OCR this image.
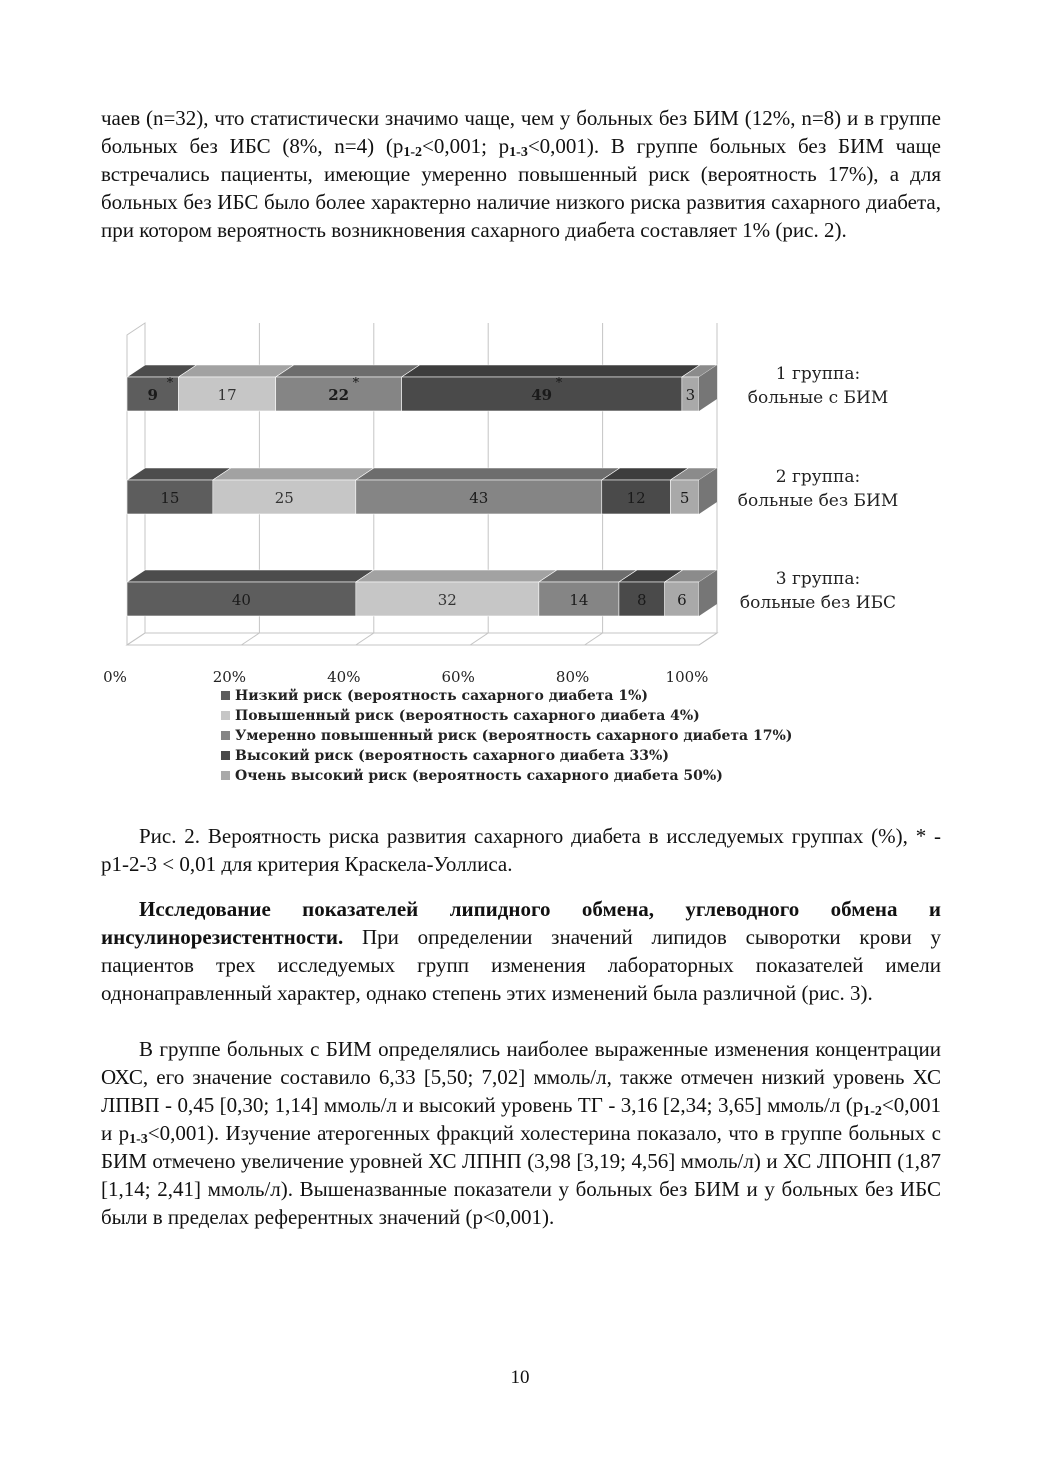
чаев (n=32), что статистически значимо чаще, чем у больных без БИМ (12%, n=8) и в группе больных без ИБС (8%, n=4) ($p_{1-2}<0,001$; $p_{1-3}<0,001$). В группе больных без БИМ чаще встречались пациенты, имеющие умеренно повышенный риск (вероятность 17%), а для больных без ИБС было более характерно наличие низкого риска развития сахарного диабета, при котором вероятность возникновения сахарного диабета составляет 1% (рис. 2).

9
*
17	22
*
49
*
3
15	25	43	12 5
40	32	14	8 6
1 группа:
больные с БИМ
2 группа:
больные без БИМ
3 группа:
больные без ИБС
0%	20%	40%	60%	80%	100%
Низкий риск (вероятность сахарного диабета 1%)
Повышенный риск (вероятность сахарного диабета 4%)
Умеренно повышенный риск (вероятность сахарного диабета 17%)
Высокий риск (вероятность сахарного диабета 33%)
Очень высокий риск (вероятность сахарного диабета 50%)

Рис. 2. Вероятность риска развития сахарного диабета в исследуемых группах (%), * - p1-2-3 < 0,01 для критерия Краскела-Уоллиса.

Исследование показателей липидного обмена, углеводного обмена и инсулинорезистентности. При определении значений липидов сыворотки крови у пациентов трех исследуемых групп изменения лабораторных показателей имели однонаправленный характер, однако степень этих изменений была различной (рис. 3).

В группе больных с БИМ определялись наиболее выраженные изменения концентрации ОХС, его значение составило 6,33 [5,50; 7,02] ммоль/л, также отмечен низкий уровень ХС ЛПВП - 0,45 [0,30; 1,14] ммоль/л и высокий уровень ТГ - 3,16 [2,34; 3,65] ммоль/л ($p_{1-2}<0,001$ и $p_{1-3}<0,001$). Изучение атерогенных фракций холестерина показало, что в группе больных с БИМ отмечено увеличение уровней ХС ЛПНП (3,98 [3,19; 4,56] ммоль/л) и ХС ЛПОНП (1,87 [1,14; 2,41] ммоль/л). Вышеназванные показатели у больных без БИМ и у больных без ИБС были в пределах референтных значений (p<0,001).

10
